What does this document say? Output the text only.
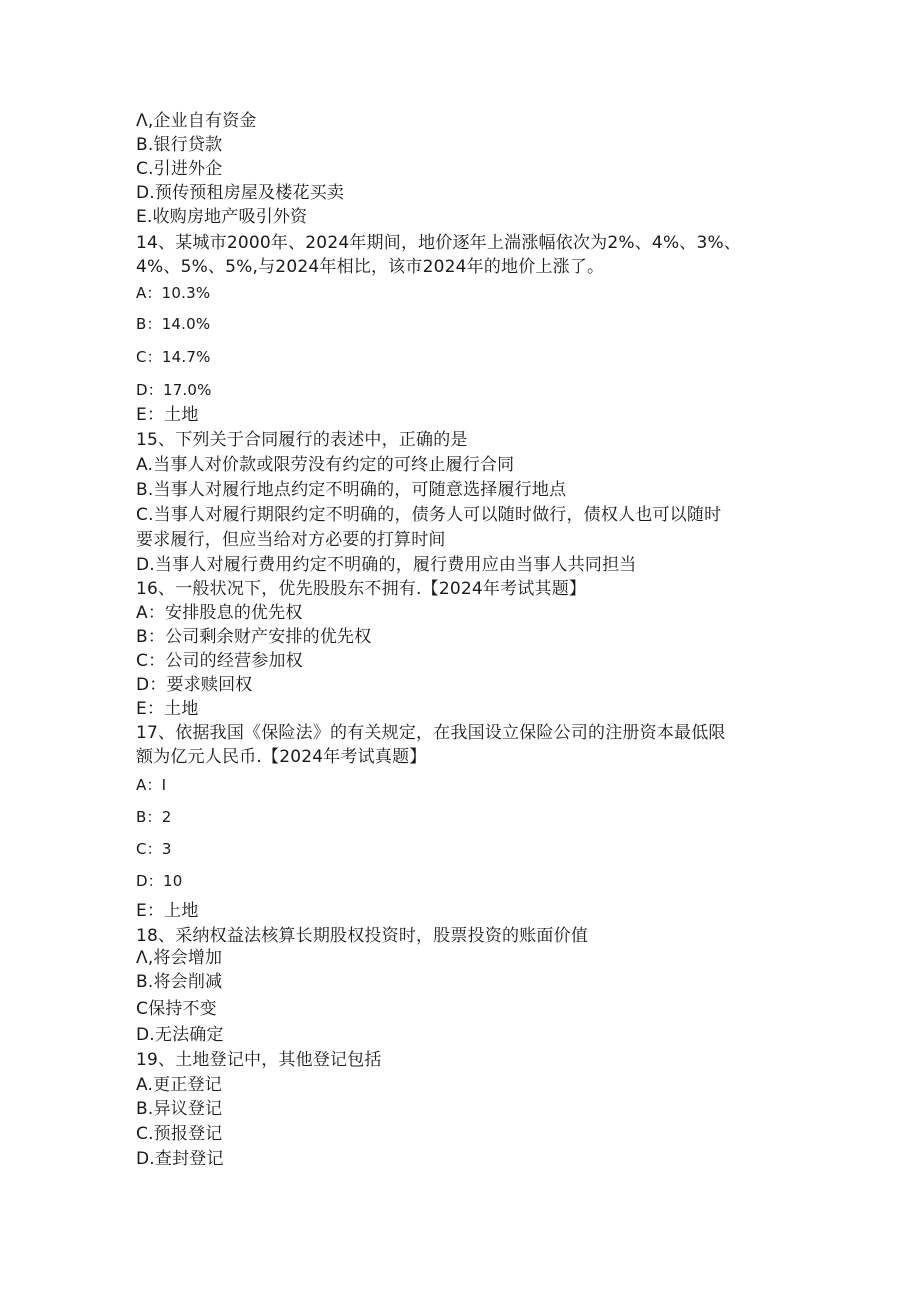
Λ,企业自有资金
B.银行贷款
C.引进外企
D.预传预租房屋及楼花买卖
E.收购房地产吸引外资
14、某城市2000年、2024年期间，地价逐年上湍涨幅依次为2%、4%、3%、
4%、5%、5%,与2024年相比，该市2024年的地价上涨了。
A：10.3%
B：14.0%
C：14.7%
D：17.0%
E：土地
15、下列关于合同履行的表述中，正确的是
A.当事人对价款或限劳没有约定的可终止履行合同
B.当事人对履行地点约定不明确的，可随意选择履行地点
C.当事人对履行期限约定不明确的，债务人可以随时做行，债权人也可以随时
要求履行，但应当给对方必要的打算时间
D.当事人对履行费用约定不明确的，履行费用应由当事人共同担当
16、一般状况下，优先股股东不拥有.【2024年考试其题】
A：安排股息的优先权
B：公司剩余财产安排的优先权
C：公司的经营参加权
D：要求赎回权
E：土地
17、依据我国《保险法》的有关规定，在我国设立保险公司的注册资本最低限
额为亿元人民币.【2024年考试真题】
A：I
B：2
C：3
D：10
E：上地
18、采纳权益法核算长期股权投资时，股票投资的账面价值
Λ,将会增加
B.将会削减
C保持不变
D.无法确定
19、土地登记中，其他登记包括
A.更正登记
B.异议登记
C.预报登记
D.查封登记
